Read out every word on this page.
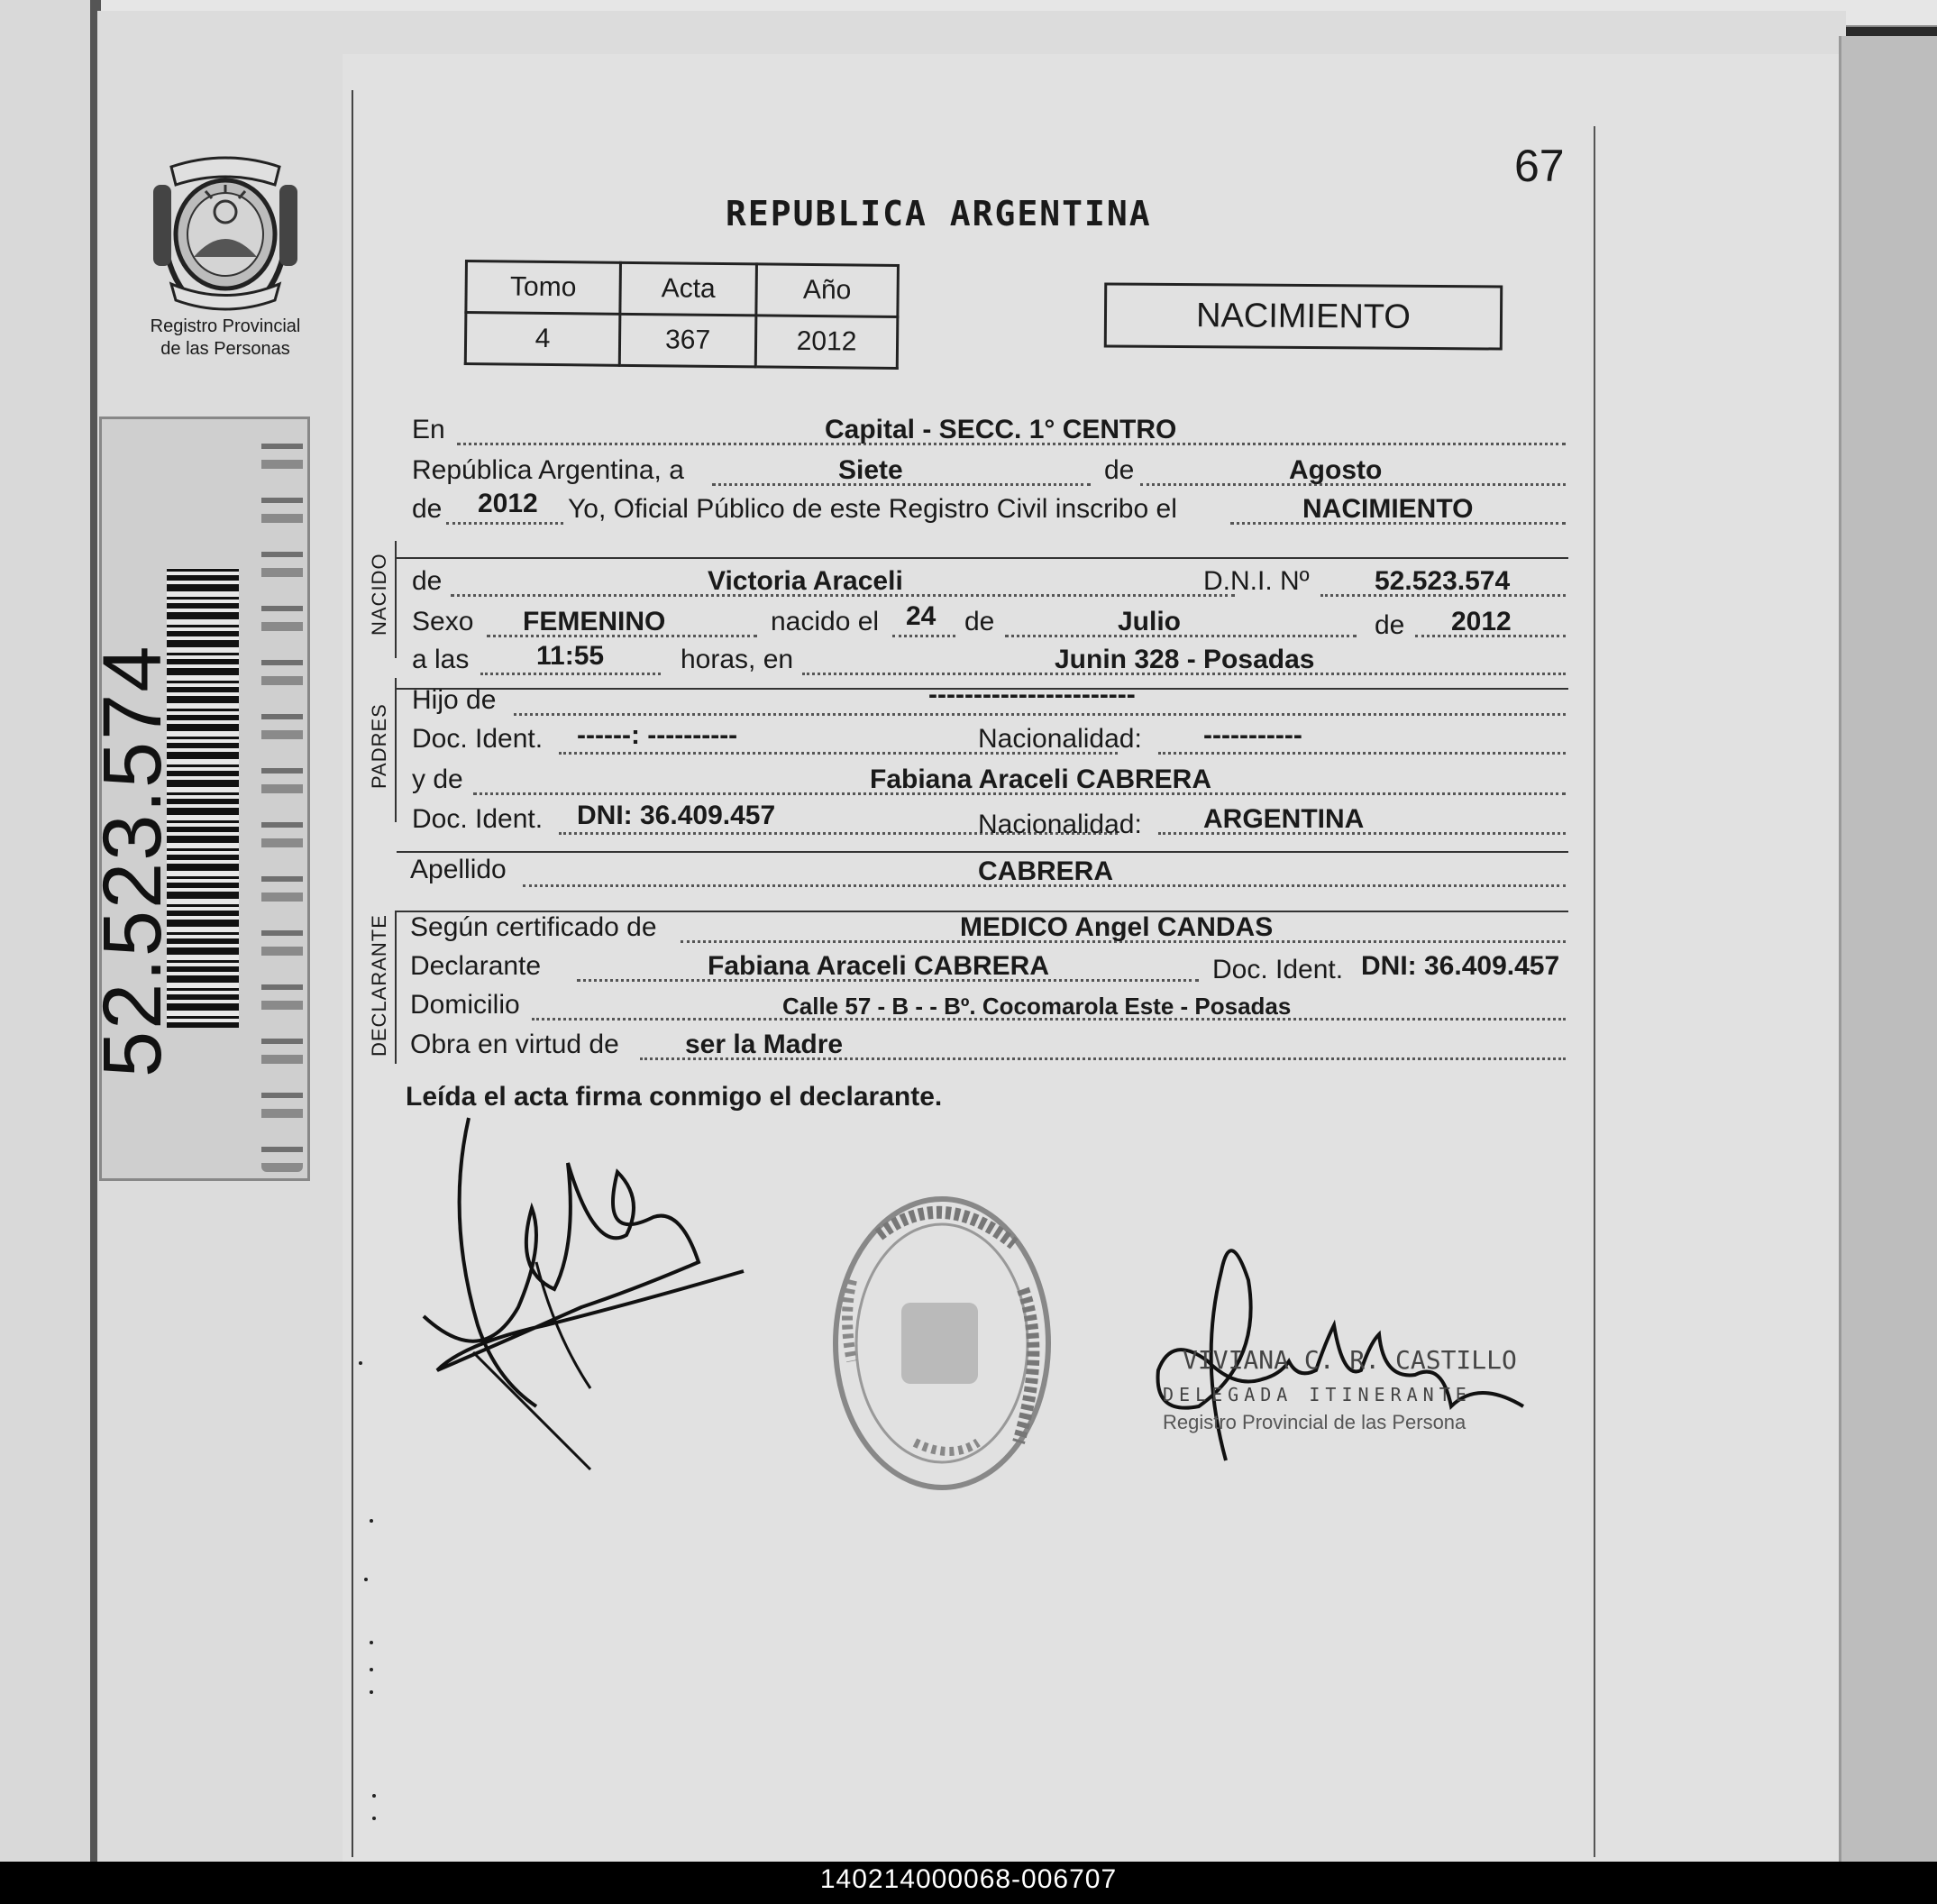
Registro Provincial
de las Personas
52.523.574
67
REPUBLICA ARGENTINA
Tomo	Acta	Año
4	367	2012
NACIMIENTO
En	Capital - SECC. 1° CENTRO
República Argentina, a	Siete	de	Agosto
de 2012 Yo, Oficial Público de este Registro Civil inscribo el	NACIMIENTO
NACIDO de	Victoria Araceli	D.N.I. Nº 52.523.574
Sexo FEMENINO	nacido el 24 de	Julio	de 2012
a las 11:55	horas, en	Junin 328 - Posadas
PADRES
Hijo de	-----------------------
Doc. Ident. ------: ----------	Nacionalidad: -----------
y de	Fabiana Araceli CABRERA
Doc. Ident. DNI: 36.409.457	Nacionalidad: ARGENTINA
Apellido	CABRERA
DECLARANTE Según certificado de	MEDICO Angel CANDAS
Declarante	Fabiana Araceli CABRERA	Doc. Ident. DNI: 36.409.457
Domicilio	Calle 57 - B - - Bº. Cocomarola Este - Posadas
Obra en virtud de ser la Madre
Leída el acta firma conmigo el declarante.
VIVIANA C. R. CASTILLO
DELEGADA ITINERANTE
Registro Provincial de las Persona
140214000068-006707
